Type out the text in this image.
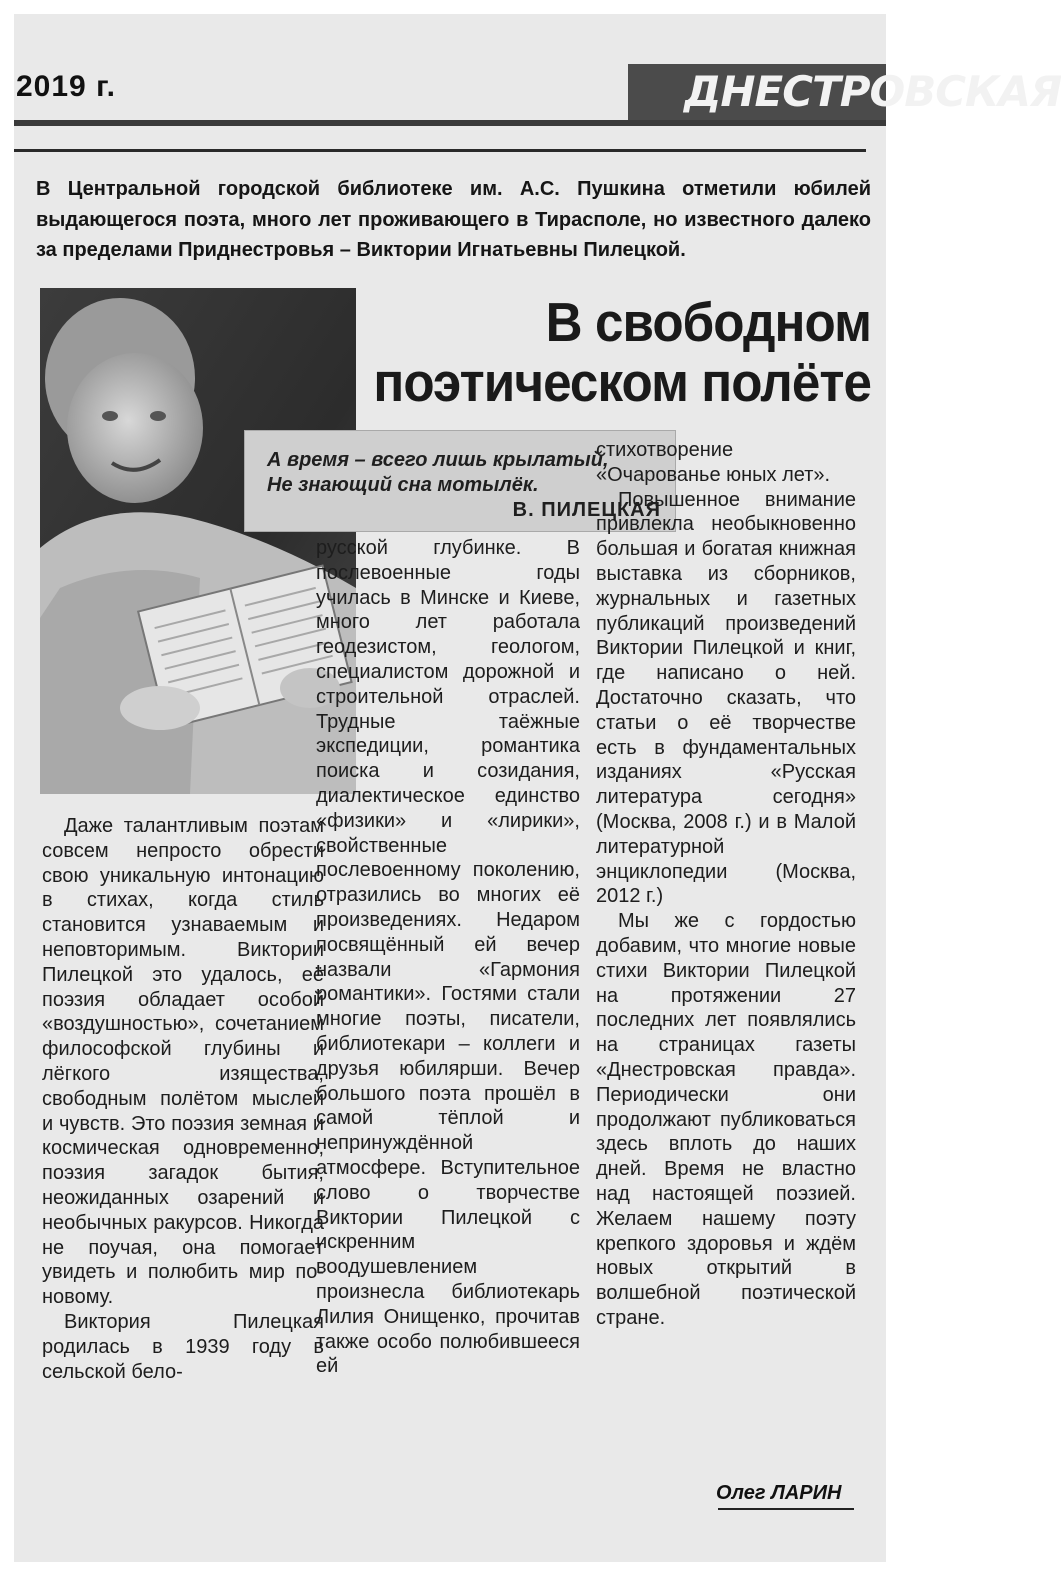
2019 г.	ДНЕСТРОВСКАЯ

В Центральной городской библиотеке им. А.С. Пушкина отметили юбилей выдающегося поэта, много лет проживающего в Тирасполе, но известного далеко за пределами Приднестровья – Виктории Игнатьевны Пилецкой.

В свободном
поэтическом полёте
А время – всего лишь крылатый,
Не знающий сна мотылёк.
В. ПИЛЕЦКАЯ

Даже талантливым поэтам совсем непросто обрести свою уникальную интонацию в стихах, когда стиль становится узнаваемым и неповторимым. Виктории Пилецкой это удалось, её поэзия обладает особой «воздушностью», сочетанием философской глубины и лёгкого изящества, свободным полётом мыслей и чувств. Это поэзия земная и космическая одновременно, поэзия загадок бытия, неожиданных озарений и необычных ракурсов. Никогда не поучая, она помогает увидеть и полюбить мир по-новому.

Виктория Пилецкая родилась в 1939 году в сельской бело-

русской глубинке. В послевоенные годы училась в Минске и Киеве, много лет работала геодезистом, геологом, специалистом дорожной и строительной отраслей. Трудные таёжные экспедиции, романтика поиска и созидания, диалектическое единство «физики» и «лирики», свойственные послевоенному поколению, отразились во многих её произведениях. Недаром посвящённый ей вечер назвали «Гармония романтики». Гостями стали многие поэты, писатели, библиотекари – коллеги и друзья юбилярши. Вечер большого поэта прошёл в самой тёплой и непринуждённой атмосфере. Вступительное слово о творчестве Виктории Пилецкой с искренним воодушевлением произнесла библиотекарь Лилия Онищенко, прочитав также особо полюбившееся ей

стихотворение «Очарованье юных лет».

Повышенное внимание привлекла необыкновенно большая и богатая книжная выставка из сборников, журнальных и газетных публикаций произведений Виктории Пилецкой и книг, где написано о ней. Достаточно сказать, что статьи о её творчестве есть в фундаментальных изданиях «Русская литература сегодня» (Москва, 2008 г.) и в Малой литературной энциклопедии (Москва, 2012 г.)

Мы же с гордостью добавим, что многие новые стихи Виктории Пилецкой на протяжении 27 последних лет появлялись на страницах газеты «Днестровская правда». Периодически они продолжают публиковаться здесь вплоть до наших дней. Время не властно над настоящей поэзией. Желаем нашему поэту крепкого здоровья и ждём новых открытий в волшебной поэтической стране.

Олег ЛАРИН
